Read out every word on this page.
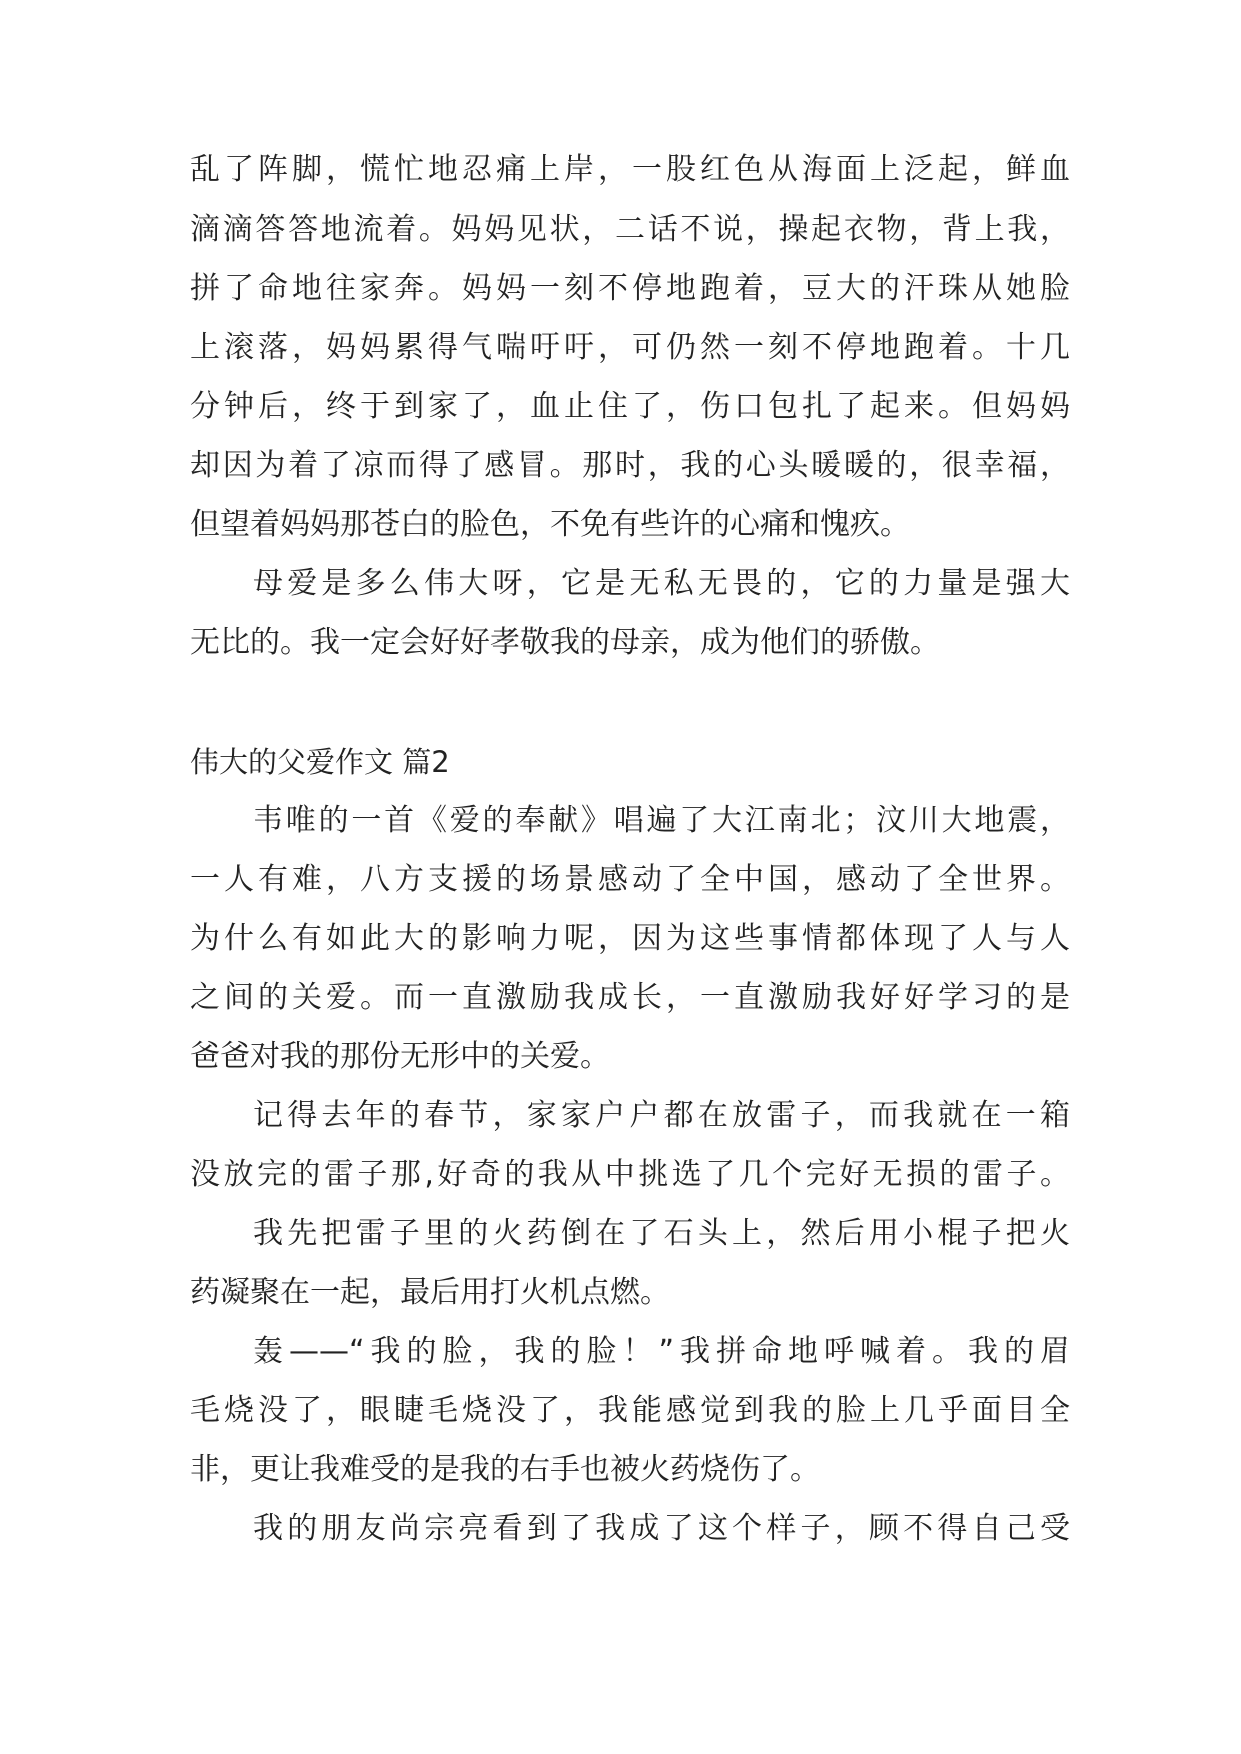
乱了阵脚，慌忙地忍痛上岸，一股红色从海面上泛起，鲜血
滴滴答答地流着。妈妈见状，二话不说，操起衣物，背上我，
拼了命地往家奔。妈妈一刻不停地跑着，豆大的汗珠从她脸
上滚落，妈妈累得气喘吁吁，可仍然一刻不停地跑着。十几
分钟后，终于到家了，血止住了，伤口包扎了起来。但妈妈
却因为着了凉而得了感冒。那时，我的心头暖暖的，很幸福，
但望着妈妈那苍白的脸色，不免有些许的心痛和愧疚。
母爱是多么伟大呀，它是无私无畏的，它的力量是强大
无比的。我一定会好好孝敬我的母亲，成为他们的骄傲。
伟大的父爱作文 篇2
韦唯的一首《爱的奉献》唱遍了大江南北；汶川大地震，
一人有难，八方支援的场景感动了全中国，感动了全世界。
为什么有如此大的影响力呢，因为这些事情都体现了人与人
之间的关爱。而一直激励我成长，一直激励我好好学习的是
爸爸对我的那份无形中的关爱。
记得去年的春节，家家户户都在放雷子，而我就在一箱
没放完的雷子那,好奇的我从中挑选了几个完好无损的雷子。
我先把雷子里的火药倒在了石头上，然后用小棍子把火
药凝聚在一起，最后用打火机点燃。
轰——“我的脸，我的脸！”我拼命地呼喊着。我的眉
毛烧没了，眼睫毛烧没了，我能感觉到我的脸上几乎面目全
非，更让我难受的是我的右手也被火药烧伤了。
我的朋友尚宗亮看到了我成了这个样子，顾不得自己受
